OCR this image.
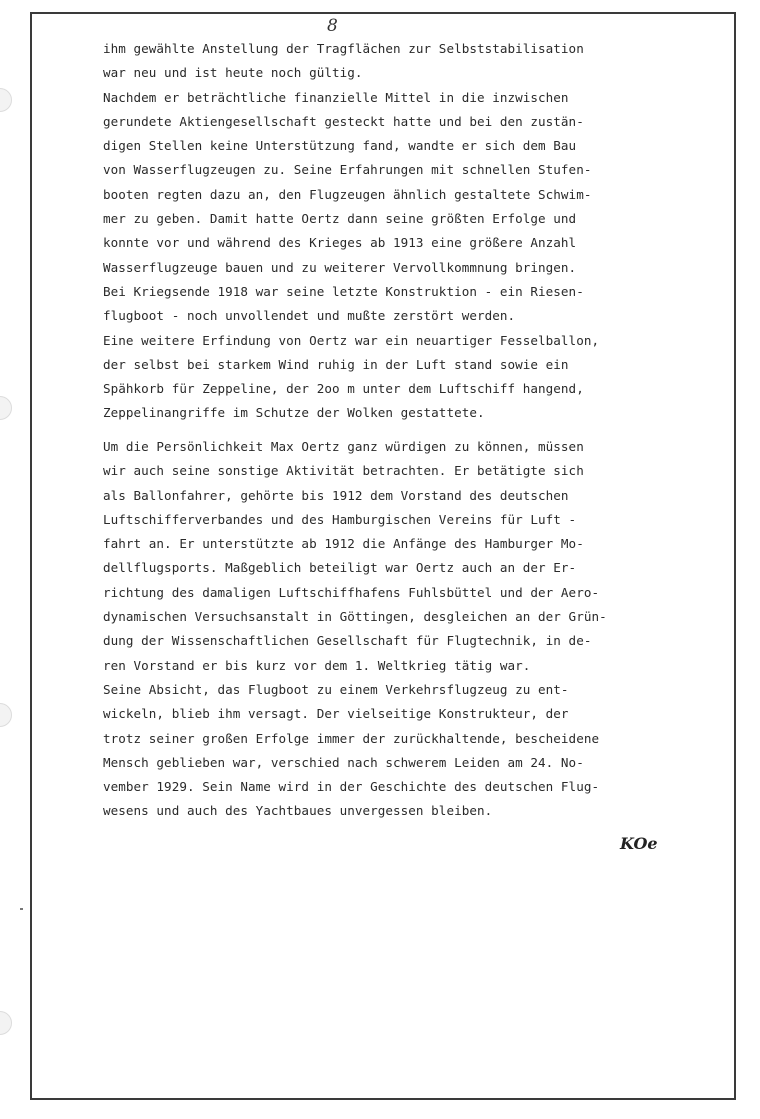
8
ihm gewählte Anstellung der Tragflächen zur Selbststabilisation
war neu und ist heute noch gültig.
Nachdem er beträchtliche finanzielle Mittel in die inzwischen
gerundete Aktiengesellschaft gesteckt hatte und bei den zustän-
digen Stellen keine Unterstützung fand, wandte er sich dem Bau
von Wasserflugzeugen zu. Seine Erfahrungen mit schnellen Stufen-
booten regten dazu an, den Flugzeugen ähnlich gestaltete Schwim-
mer zu geben. Damit hatte Oertz dann seine größten Erfolge und
konnte vor und während des Krieges ab 1913 eine größere Anzahl
Wasserflugzeuge bauen und zu weiterer Vervollkommnung bringen.
Bei Kriegsende 1918 war seine letzte Konstruktion - ein Riesen-
flugboot - noch unvollendet und mußte zerstört werden.
Eine weitere Erfindung von Oertz war ein neuartiger Fesselballon,
der selbst bei starkem Wind ruhig in der Luft stand sowie ein
Spähkorb für Zeppeline, der 2oo m unter dem Luftschiff hangend,
Zeppelinangriffe im Schutze der Wolken gestattete.
Um die Persönlichkeit Max Oertz ganz würdigen zu können, müssen
wir auch seine sonstige Aktivität betrachten. Er betätigte sich
als Ballonfahrer, gehörte bis 1912 dem Vorstand des deutschen
Luftschifferverbandes und des Hamburgischen Vereins für Luft -
fahrt an. Er unterstützte ab 1912 die Anfänge des Hamburger Mo-
dellflugsports. Maßgeblich beteiligt war Oertz auch an der Er-
richtung des damaligen Luftschiffhafens Fuhlsbüttel und der Aero-
dynamischen Versuchsanstalt in Göttingen, desgleichen an der Grün-
dung der Wissenschaftlichen Gesellschaft für Flugtechnik, in de-
ren Vorstand er bis kurz vor dem 1. Weltkrieg tätig war.
Seine Absicht, das Flugboot zu einem Verkehrsflugzeug zu ent-
wickeln, blieb ihm versagt. Der vielseitige Konstrukteur, der
trotz seiner großen Erfolge immer der zurückhaltende, bescheidene
Mensch geblieben war, verschied nach schwerem Leiden am 24. No-
vember 1929. Sein Name wird in der Geschichte des deutschen Flug-
wesens und auch des Yachtbaues unvergessen bleiben.
KOe
